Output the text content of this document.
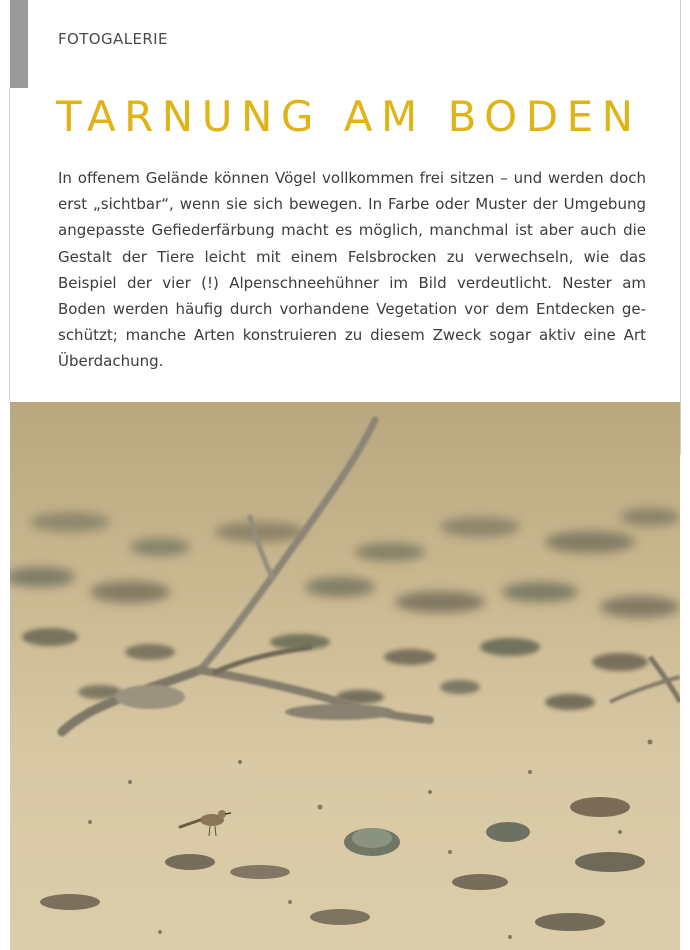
FOTOGALERIE
TARNUNG AM BODEN

In offenem Gelände können Vögel vollkommen frei sitzen – und werden doch erst „sichtbar“, wenn sie sich bewegen. In Farbe oder Muster der Umgebung angepasste Gefiederfärbung macht es möglich, manchmal ist aber auch die Gestalt der Tiere leicht mit einem Felsbrocken zu verwechseln, wie das Beispiel der vier (!) Alpenschneehühner im Bild verdeutlicht. Nester am Boden werden häufig durch vorhandene Vegetation vor dem Entdecken geschützt; manche Arten konstruieren zu diesem Zweck sogar aktiv eine Art Überdachung.
